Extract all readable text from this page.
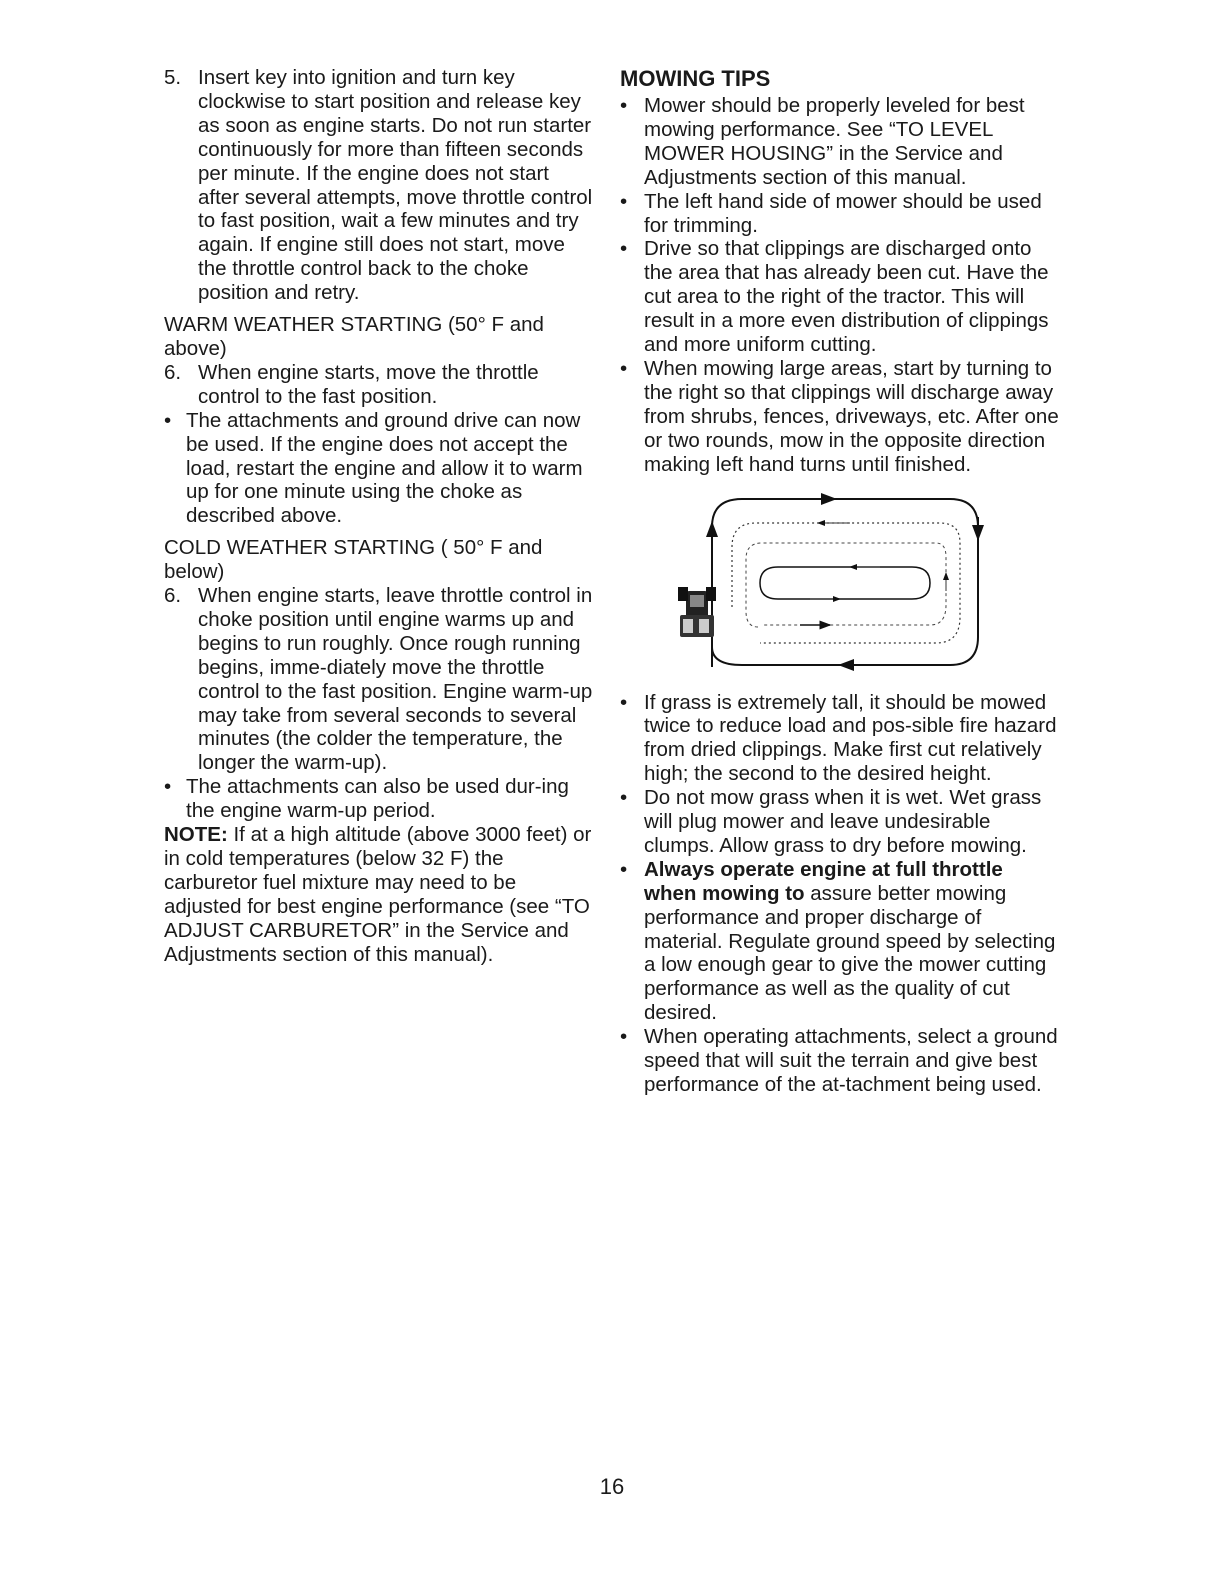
5. Insert key into ignition and turn key clockwise to start position and release key as soon as engine starts. Do not run starter continuously for more than fifteen seconds per minute. If the engine does not start after several attempts, move throttle control to fast position, wait a few minutes and try again. If engine still does not start, move the throttle control back to the choke position and retry.
WARM WEATHER STARTING (50° F and above)
6. When engine starts, move the throttle control to the fast position.
• The attachments and ground drive can now be used. If the engine does not accept the load, restart the engine and allow it to warm up for one minute using the choke as described above.
COLD WEATHER STARTING ( 50° F and below)
6. When engine starts, leave throttle control in choke position until engine warms up and begins to run roughly. Once rough running begins, imme-diately move the throttle control to the fast position. Engine warm-up may take from several seconds to several minutes (the colder the temperature, the longer the warm-up).
• The attachments can also be used dur-ing the engine warm-up period.
NOTE: If at a high altitude (above 3000 feet) or in cold temperatures (below 32 F) the carburetor fuel mixture may need to be adjusted for best engine performance (see “TO ADJUST CARBURETOR” in the Service and Adjustments section of this manual).
MOWING TIPS
• Mower should be properly leveled for best mowing performance. See “TO LEVEL MOWER HOUSING” in the Service and Adjustments section of this manual.
• The left hand side of mower should be used for trimming.
• Drive so that clippings are discharged onto the area that has already been cut. Have the cut area to the right of the tractor. This will result in a more even distribution of clippings and more uniform cutting.
• When mowing large areas, start by turning to the right so that clippings will discharge away from shrubs, fences, driveways, etc. After one or two rounds, mow in the opposite direction making left hand turns until finished.
• If grass is extremely tall, it should be mowed twice to reduce load and pos-sible fire hazard from dried clippings. Make first cut relatively high; the second to the desired height.
• Do not mow grass when it is wet. Wet grass will plug mower and leave undesirable clumps. Allow grass to dry before mowing.
• Always operate engine at full throttle when mowing to assure better mowing performance and proper discharge of material. Regulate ground speed by selecting a low enough gear to give the mower cutting performance as well as the quality of cut desired.
• When operating attachments, select a ground speed that will suit the terrain and give best performance of the at-tachment being used.
16
